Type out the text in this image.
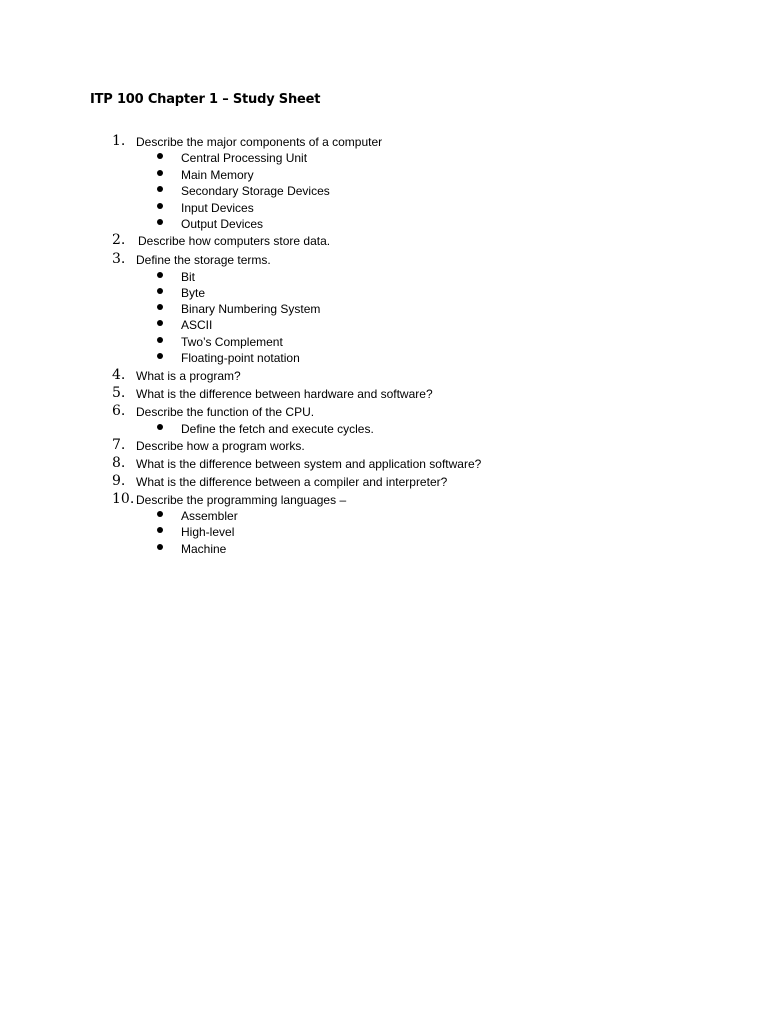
ITP 100 Chapter 1 – Study Sheet
1. Describe the major components of a computer
Central Processing Unit
Main Memory
Secondary Storage Devices
Input Devices
Output Devices
2. Describe how computers store data.
3. Define the storage terms.
Bit
Byte
Binary Numbering System
ASCII
Two’s Complement
Floating-point notation
4. What is a program?
5. What is the difference between hardware and software?
6. Describe the function of the CPU.
Define the fetch and execute cycles.
7. Describe how a program works.
8. What is the difference between system and application software?
9. What is the difference between a compiler and interpreter?
10. Describe the programming languages –
Assembler
High-level
Machine
